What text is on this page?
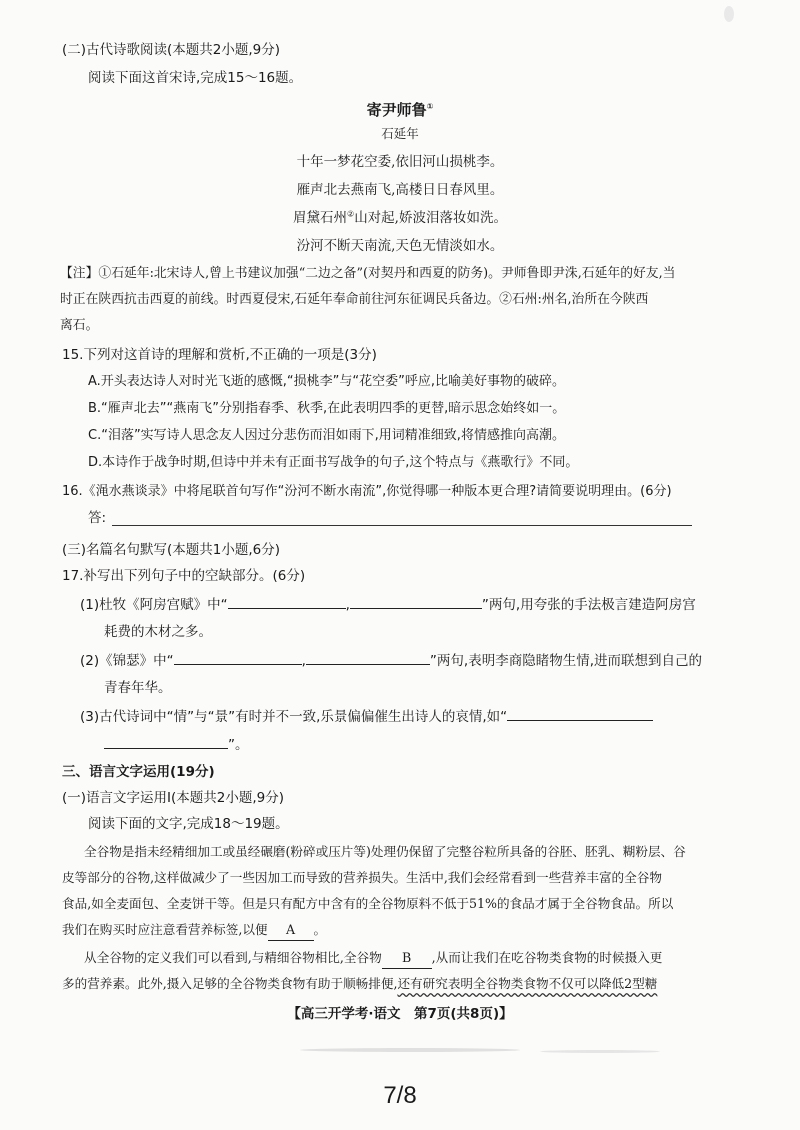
(二)古代诗歌阅读(本题共2小题,9分)
阅读下面这首宋诗,完成15～16题。
寄尹师鲁①
石延年
十年一梦花空委,依旧河山损桃李。
雁声北去燕南飞,高楼日日春风里。
眉黛石州②山对起,娇波泪落妆如洗。
汾河不断天南流,天色无情淡如水。
【注】①石延年:北宋诗人,曾上书建议加强“二边之备”(对契丹和西夏的防务)。尹师鲁即尹洙,石延年的好友,当
时正在陕西抗击西夏的前线。时西夏侵宋,石延年奉命前往河东征调民兵备边。②石州:州名,治所在今陕西
离石。
15.下列对这首诗的理解和赏析,不正确的一项是(3分)
A.开头表达诗人对时光飞逝的感慨,“损桃李”与“花空委”呼应,比喻美好事物的破碎。
B.“雁声北去”“燕南飞”分别指春季、秋季,在此表明四季的更替,暗示思念始终如一。
C.“泪落”实写诗人思念友人因过分悲伤而泪如雨下,用词精准细致,将情感推向高潮。
D.本诗作于战争时期,但诗中并未有正面书写战争的句子,这个特点与《燕歌行》不同。
16.《渑水燕谈录》中将尾联首句写作“汾河不断水南流”,你觉得哪一种版本更合理?请简要说明理由。(6分)
答:
(三)名篇名句默写(本题共1小题,6分)
17.补写出下列句子中的空缺部分。(6分)
(1)杜牧《阿房宫赋》中“	,	”两句,用夸张的手法极言建造阿房宫
耗费的木材之多。
(2)《锦瑟》中“	,	”两句,表明李商隐睹物生情,进而联想到自己的
青春年华。
(3)古代诗词中“情”与“景”有时并不一致,乐景偏偏催生出诗人的哀情,如“
”。
三、语言文字运用(19分)
(一)语言文字运用Ⅰ(本题共2小题,9分)
阅读下面的文字,完成18～19题。
全谷物是指未经精细加工或虽经碾磨(粉碎或压片等)处理仍保留了完整谷粒所具备的谷胚、胚乳、糊粉层、谷
皮等部分的谷物,这样做减少了一些因加工而导致的营养损失。生活中,我们会经常看到一些营养丰富的全谷物
食品,如全麦面包、全麦饼干等。但是只有配方中含有的全谷物原料不低于51%的食品才属于全谷物食品。所以
我们在购买时应注意看营养标签,以便 A 。
从全谷物的定义我们可以看到,与精细谷物相比,全谷物 B ,从而让我们在吃谷物类食物的时候摄入更
多的营养素。此外,摄入足够的全谷物类食物有助于顺畅排便,还有研究表明全谷物类食物不仅可以降低2型糖
【高三开学考·语文　第7页(共8页)】
7/8
